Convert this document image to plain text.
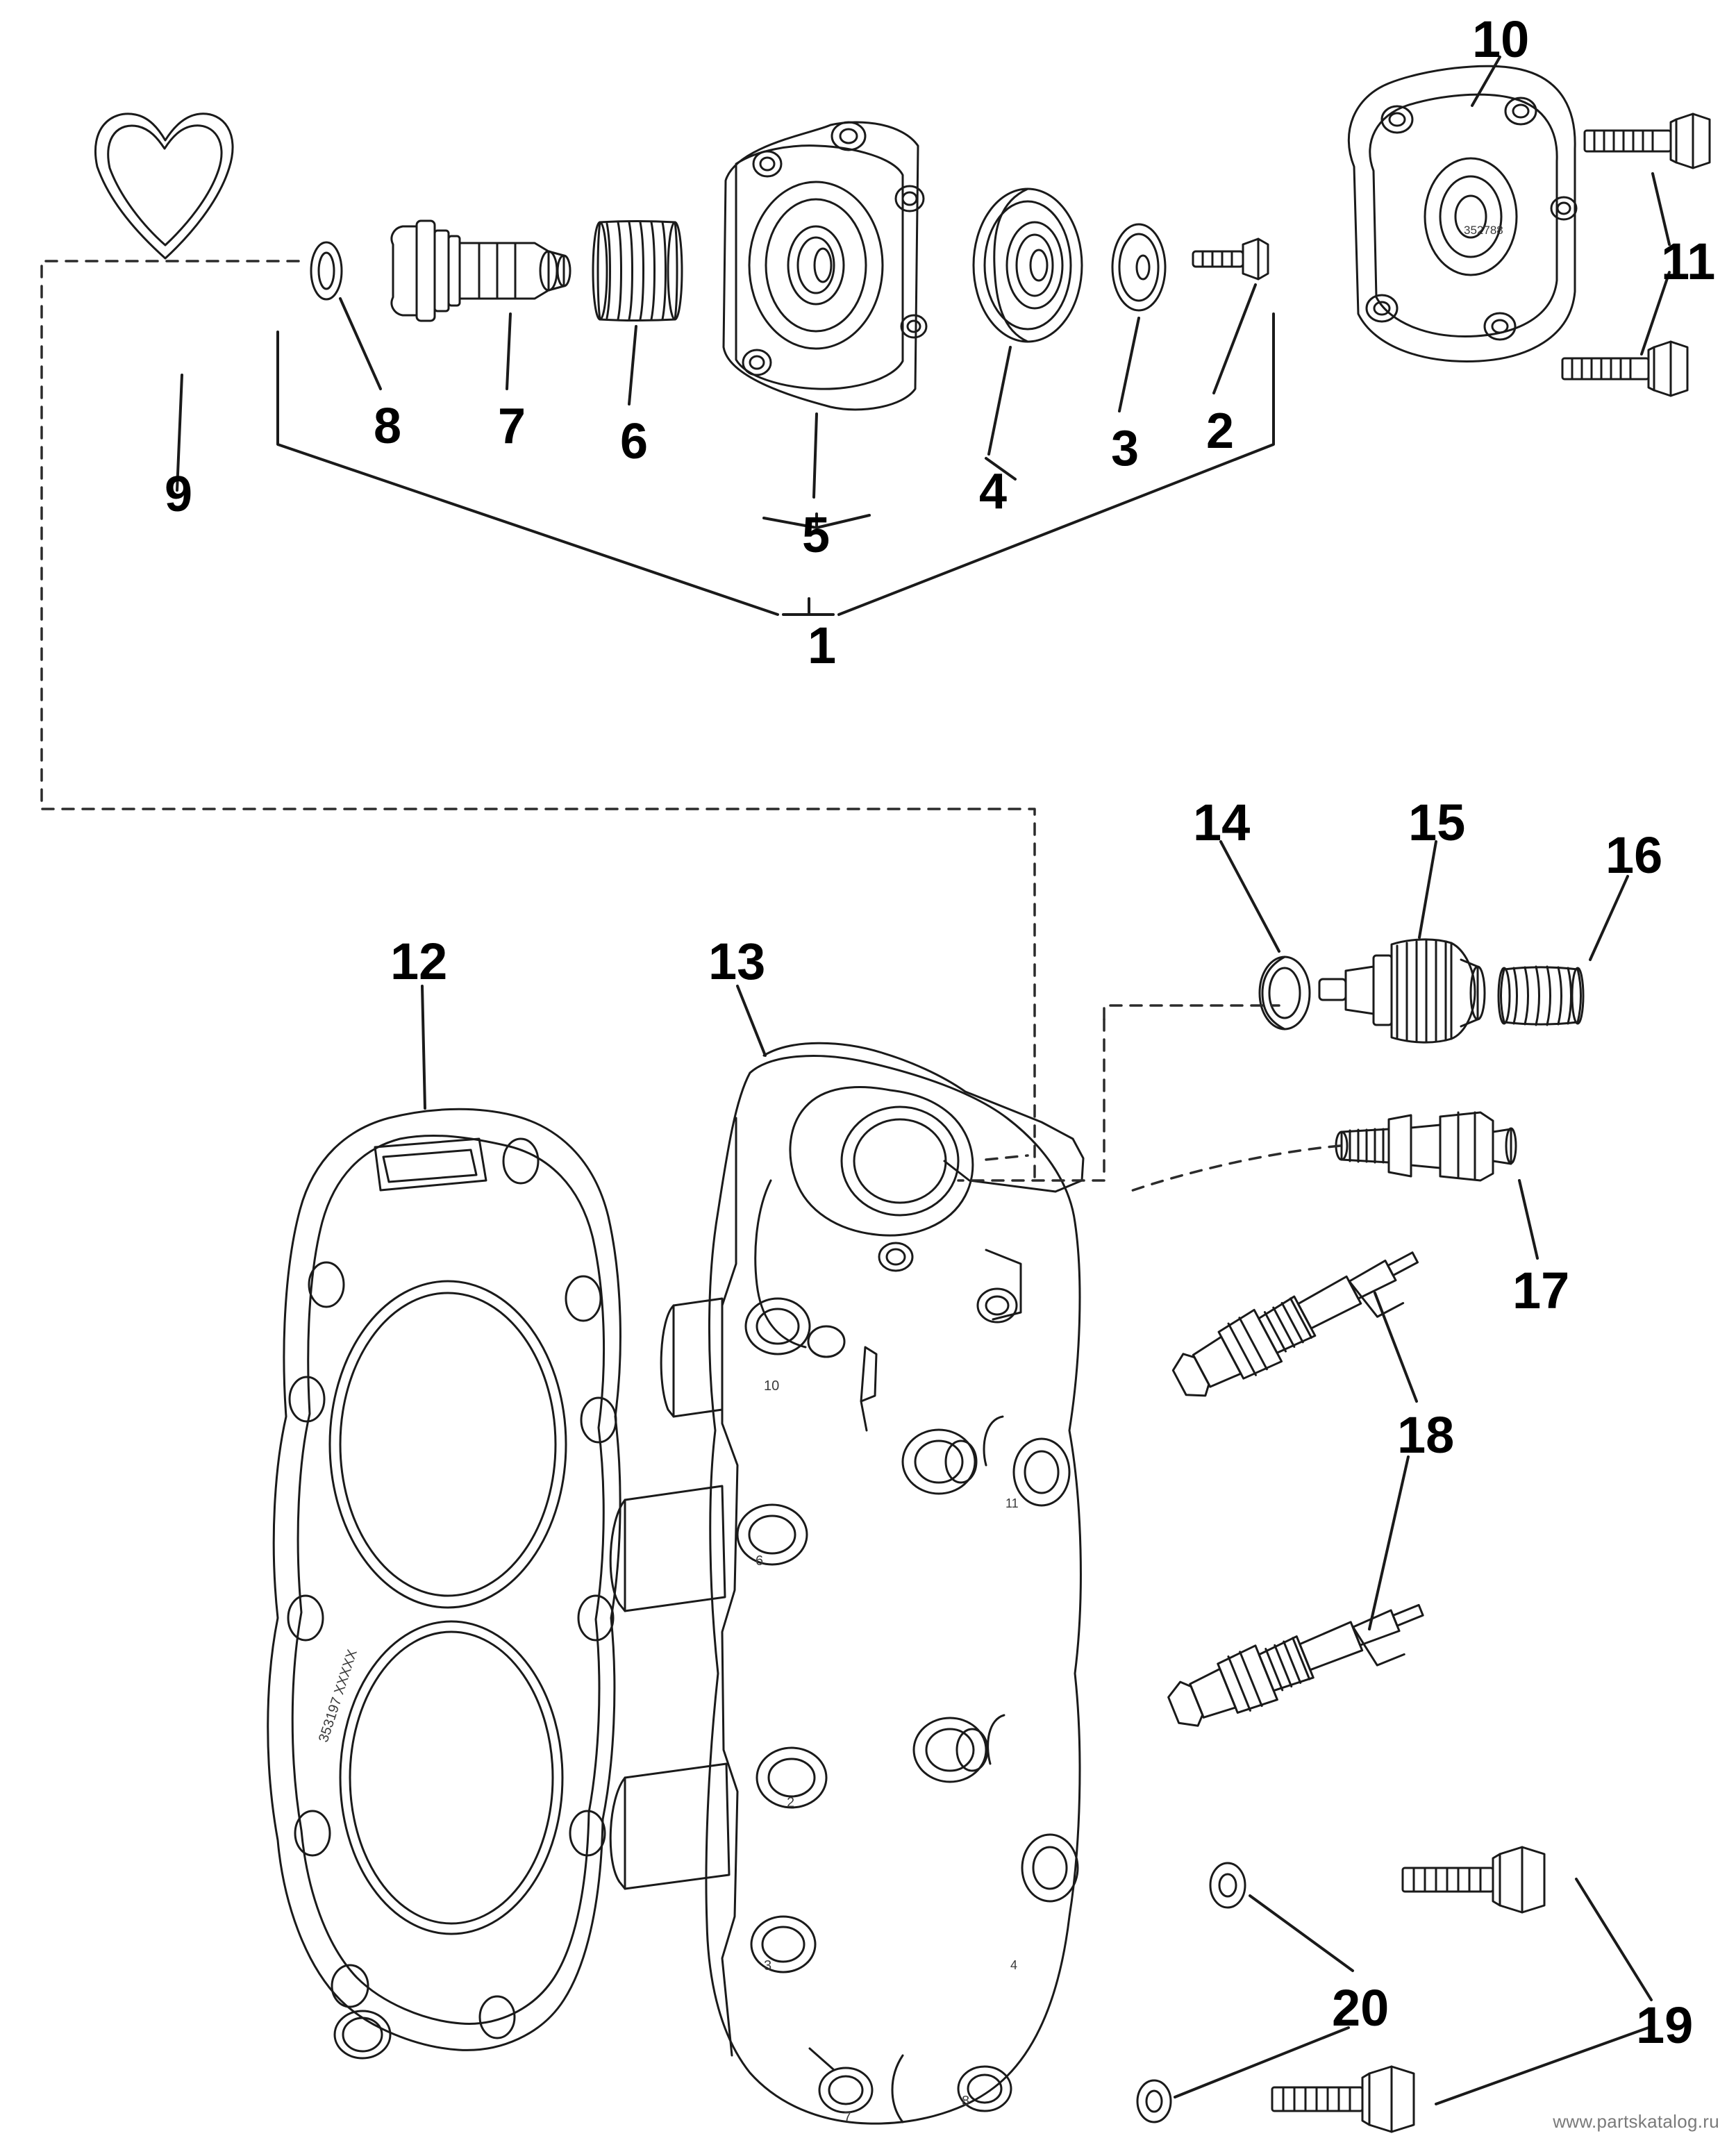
1
2
3
4
5
6
7
8
9
10
11
12	13
14	15
16
17
18
19
20
352788
353197 XXXXX
10
6
2
3
7
8
11
4
www.partskatalog.ru
